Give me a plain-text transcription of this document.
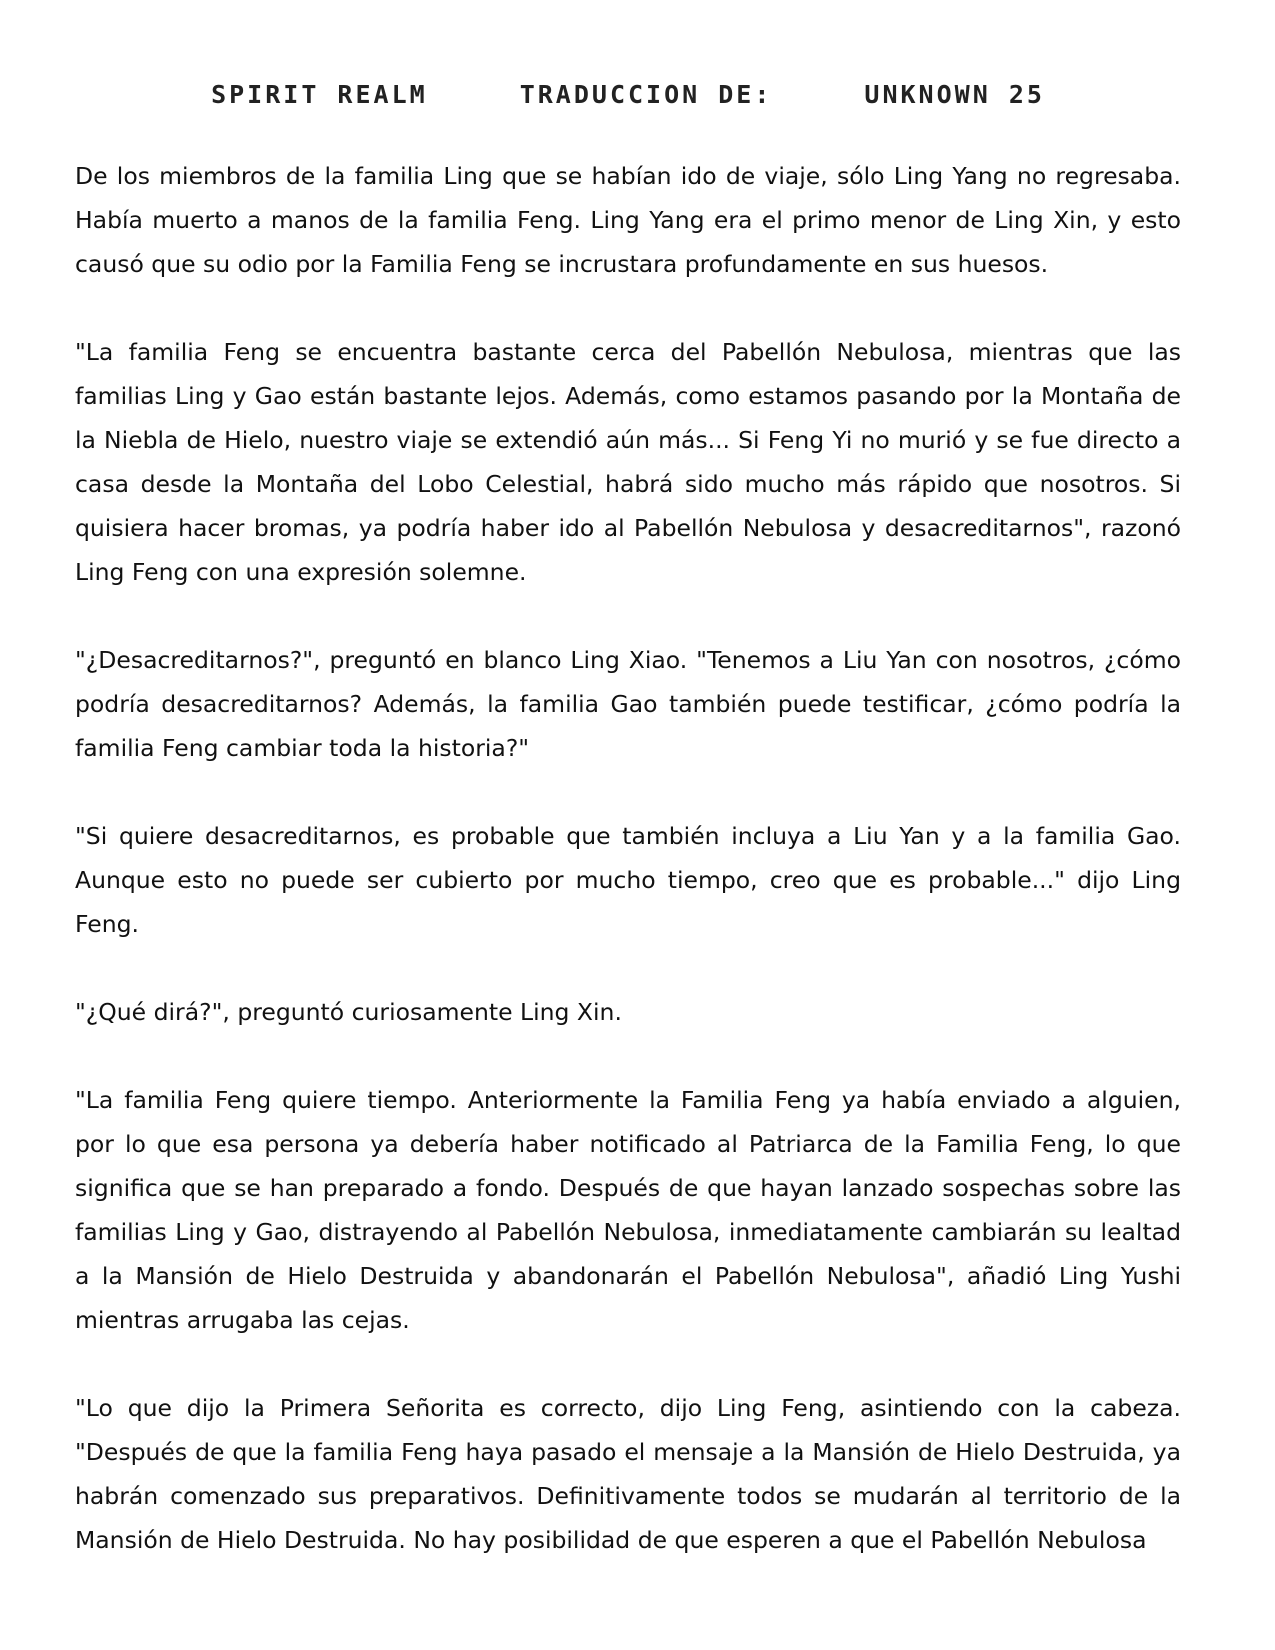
SPIRIT REALM	TRADUCCION DE:	UNKNOWN 25

De los miembros de la familia Ling que se habían ido de viaje, sólo Ling Yang no regresaba. Había muerto a manos de la familia Feng. Ling Yang era el primo menor de Ling Xin, y esto causó que su odio por la Familia Feng se incrustara profundamente en sus huesos.

"La familia Feng se encuentra bastante cerca del Pabellón Nebulosa, mientras que las familias Ling y Gao están bastante lejos. Además, como estamos pasando por la Montaña de la Niebla de Hielo, nuestro viaje se extendió aún más... Si Feng Yi no murió y se fue directo a casa desde la Montaña del Lobo Celestial, habrá sido mucho más rápido que nosotros. Si quisiera hacer bromas, ya podría haber ido al Pabellón Nebulosa y desacreditarnos", razonó Ling Feng con una expresión solemne.

"¿Desacreditarnos?", preguntó en blanco Ling Xiao. "Tenemos a Liu Yan con nosotros, ¿cómo podría desacreditarnos? Además, la familia Gao también puede testificar, ¿cómo podría la familia Feng cambiar toda la historia?"

"Si quiere desacreditarnos, es probable que también incluya a Liu Yan y a la familia Gao. Aunque esto no puede ser cubierto por mucho tiempo, creo que es probable..." dijo Ling Feng.

"¿Qué dirá?", preguntó curiosamente Ling Xin.

"La familia Feng quiere tiempo. Anteriormente la Familia Feng ya había enviado a alguien, por lo que esa persona ya debería haber notificado al Patriarca de la Familia Feng, lo que significa que se han preparado a fondo. Después de que hayan lanzado sospechas sobre las familias Ling y Gao, distrayendo al Pabellón Nebulosa, inmediatamente cambiarán su lealtad a la Mansión de Hielo Destruida y abandonarán el Pabellón Nebulosa", añadió Ling Yushi mientras arrugaba las cejas.

"Lo que dijo la Primera Señorita es correcto, dijo Ling Feng, asintiendo con la cabeza. "Después de que la familia Feng haya pasado el mensaje a la Mansión de Hielo Destruida, ya habrán comenzado sus preparativos. Definitivamente todos se mudarán al territorio de la Mansión de Hielo Destruida. No hay posibilidad de que esperen a que el Pabellón Nebulosa
